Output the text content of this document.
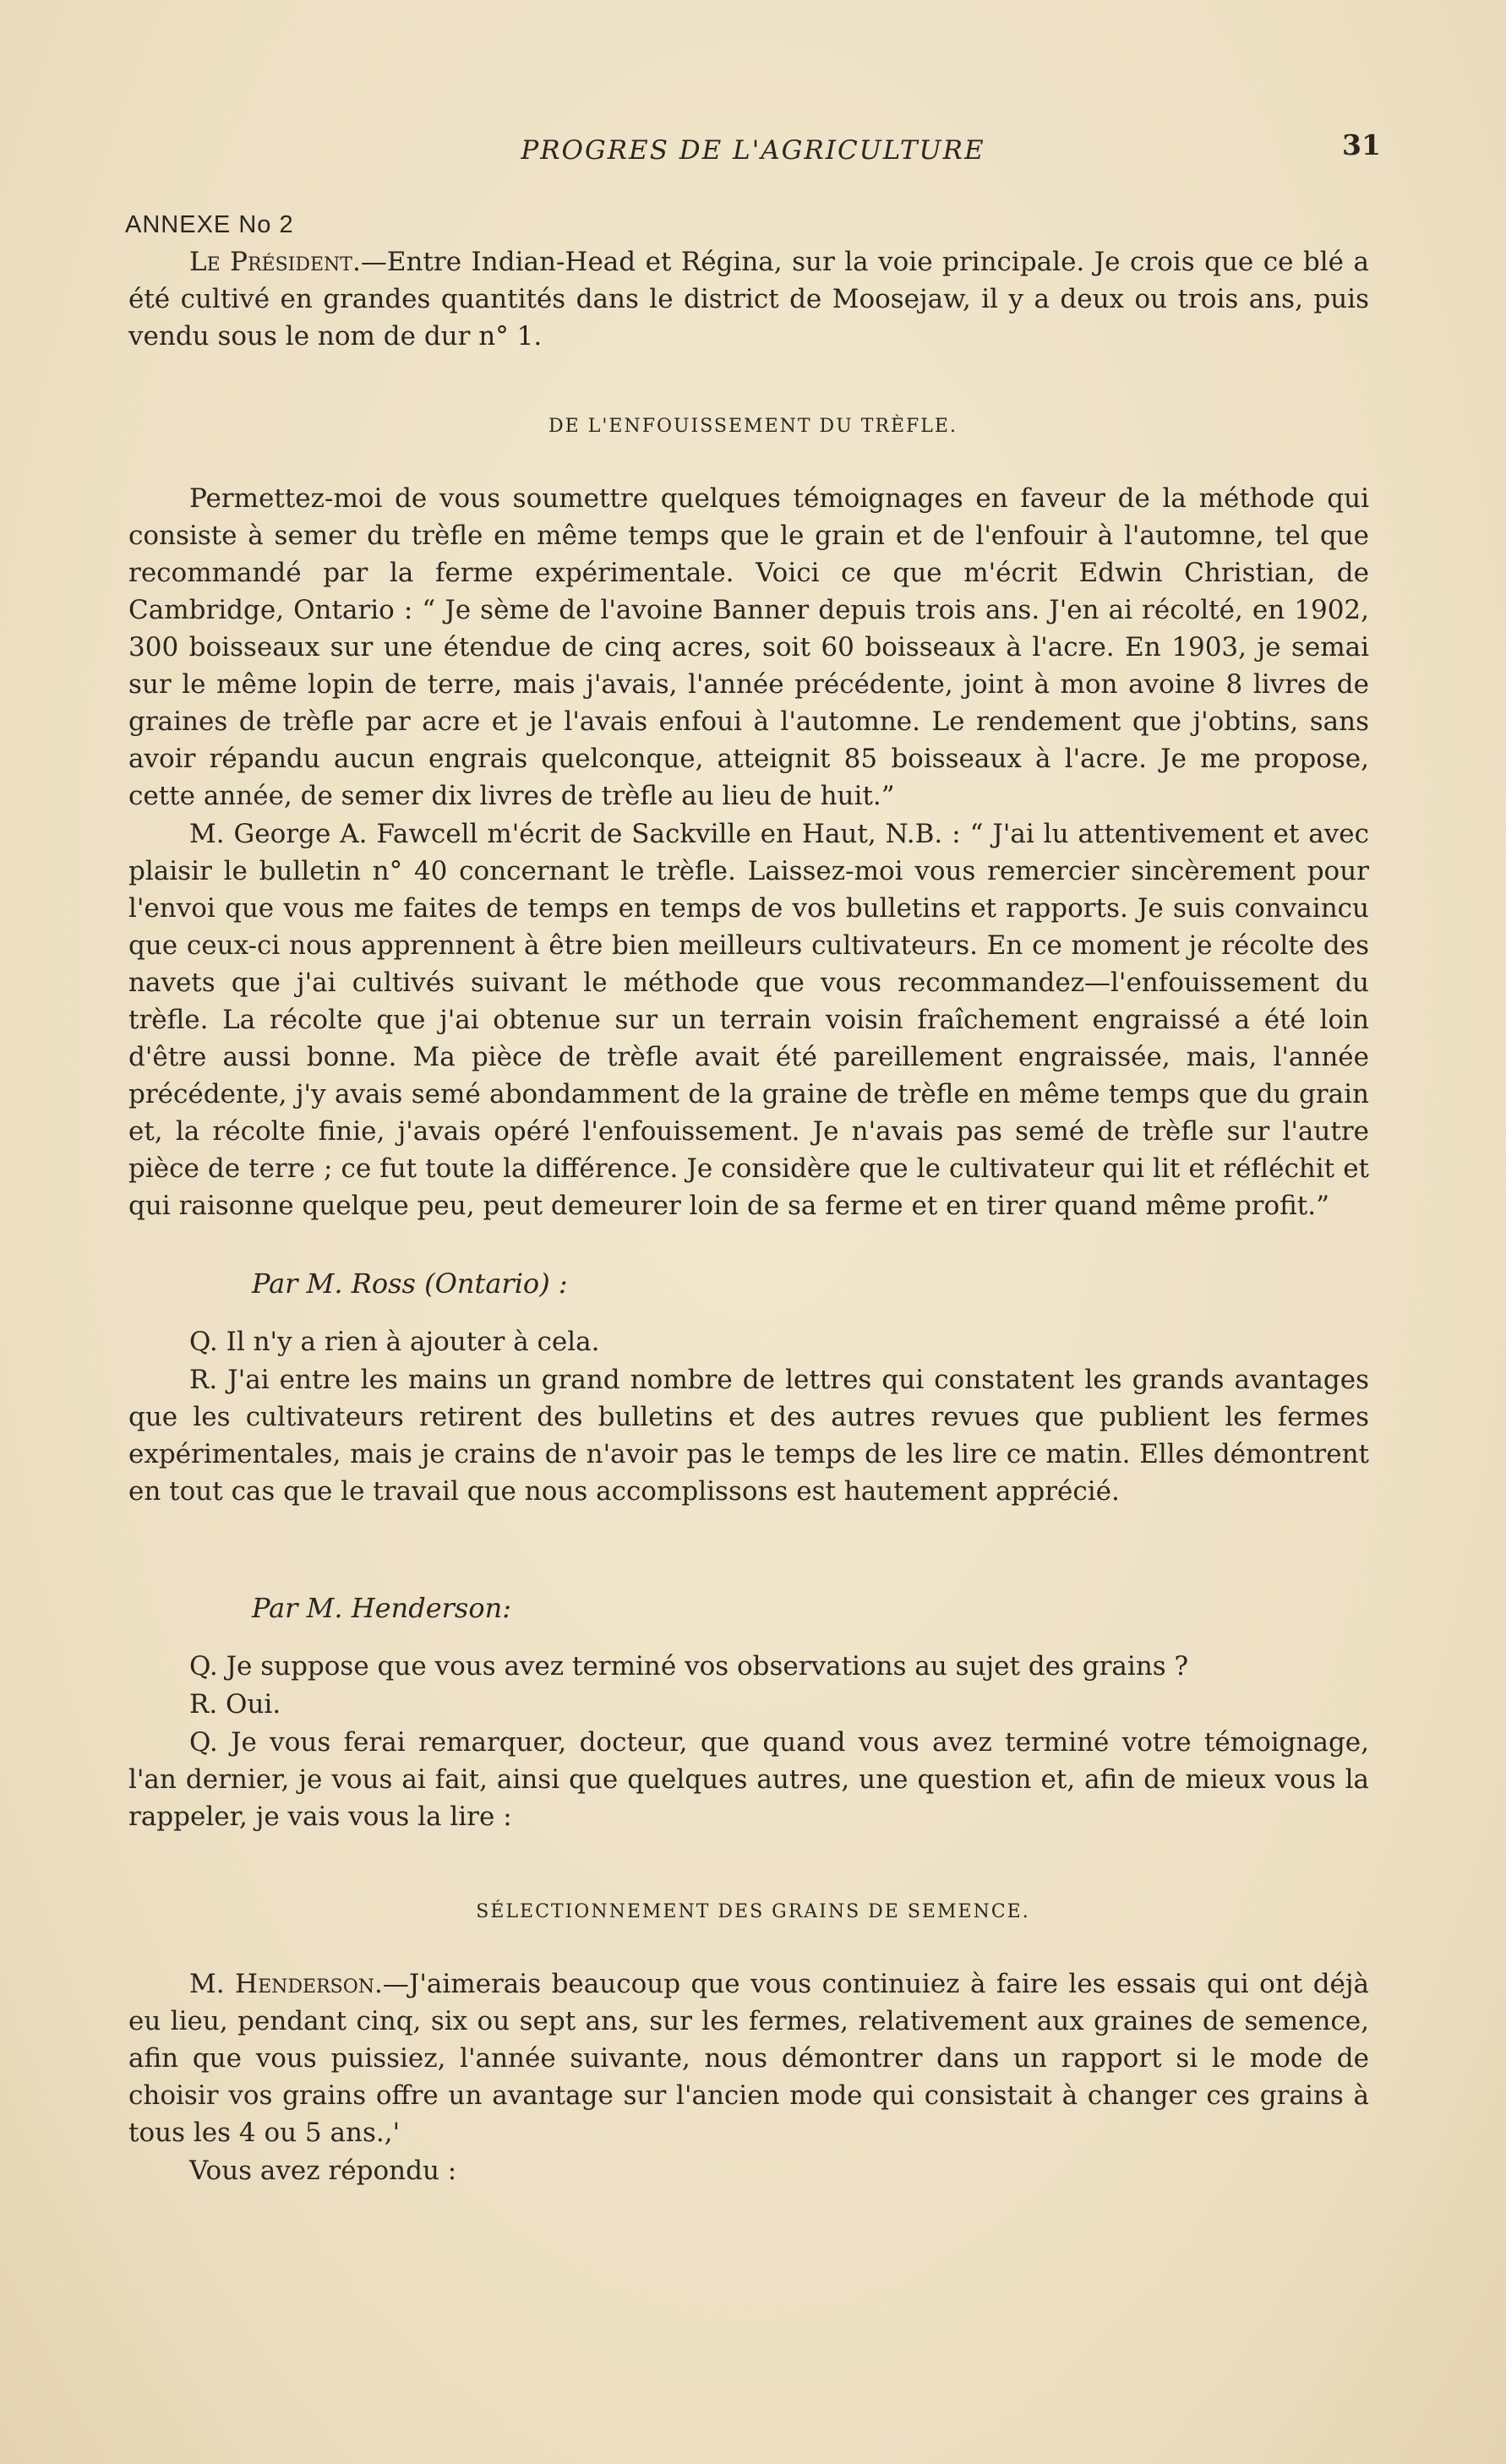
PROGRES DE L'AGRICULTURE	31
ANNEXE No 2

Le Président.—Entre Indian-Head et Régina, sur la voie principale. Je crois que ce blé a été cultivé en grandes quantités dans le district de Moosejaw, il y a deux ou trois ans, puis vendu sous le nom de dur n° 1.

DE L'ENFOUISSEMENT DU TRÈFLE.

Permettez-moi de vous soumettre quelques témoignages en faveur de la méthode qui consiste à semer du trèfle en même temps que le grain et de l'enfouir à l'automne, tel que recommandé par la ferme expérimentale. Voici ce que m'écrit Edwin Christian, de Cambridge, Ontario : “ Je sème de l'avoine Banner depuis trois ans. J'en ai récolté, en 1902, 300 boisseaux sur une étendue de cinq acres, soit 60 boisseaux à l'acre. En 1903, je semai sur le même lopin de terre, mais j'avais, l'année précédente, joint à mon avoine 8 livres de graines de trèfle par acre et je l'avais enfoui à l'automne. Le rendement que j'obtins, sans avoir répandu aucun engrais quelconque, atteignit 85 boisseaux à l'acre. Je me propose, cette année, de semer dix livres de trèfle au lieu de huit.”

M. George A. Fawcell m'écrit de Sackville en Haut, N.B. : “ J'ai lu attentivement et avec plaisir le bulletin n° 40 concernant le trèfle. Laissez-moi vous remercier sincèrement pour l'envoi que vous me faites de temps en temps de vos bulletins et rapports. Je suis convaincu que ceux-ci nous apprennent à être bien meilleurs cultivateurs. En ce moment je récolte des navets que j'ai cultivés suivant le méthode que vous recommandez—l'enfouissement du trèfle. La récolte que j'ai obtenue sur un terrain voisin fraîchement engraissé a été loin d'être aussi bonne. Ma pièce de trèfle avait été pareillement engraissée, mais, l'année précédente, j'y avais semé abondamment de la graine de trèfle en même temps que du grain et, la récolte finie, j'avais opéré l'enfouissement. Je n'avais pas semé de trèfle sur l'autre pièce de terre ; ce fut toute la différence. Je considère que le cultivateur qui lit et réfléchit et qui raisonne quelque peu, peut demeurer loin de sa ferme et en tirer quand même profit.”

Par M. Ross (Ontario) :

Q. Il n'y a rien à ajouter à cela.

R. J'ai entre les mains un grand nombre de lettres qui constatent les grands avantages que les cultivateurs retirent des bulletins et des autres revues que publient les fermes expérimentales, mais je crains de n'avoir pas le temps de les lire ce matin. Elles démontrent en tout cas que le travail que nous accomplissons est hautement apprécié.

Par M. Henderson:

Q. Je suppose que vous avez terminé vos observations au sujet des grains ?

R. Oui.

Q. Je vous ferai remarquer, docteur, que quand vous avez terminé votre témoignage, l'an dernier, je vous ai fait, ainsi que quelques autres, une question et, afin de mieux vous la rappeler, je vais vous la lire :

SÉLECTIONNEMENT DES GRAINS DE SEMENCE.

M. Henderson.—J'aimerais beaucoup que vous continuiez à faire les essais qui ont déjà eu lieu, pendant cinq, six ou sept ans, sur les fermes, relativement aux graines de semence, afin que vous puissiez, l'année suivante, nous démontrer dans un rapport si le mode de choisir vos grains offre un avantage sur l'ancien mode qui consistait à changer ces grains à tous les 4 ou 5 ans.,'

Vous avez répondu :
